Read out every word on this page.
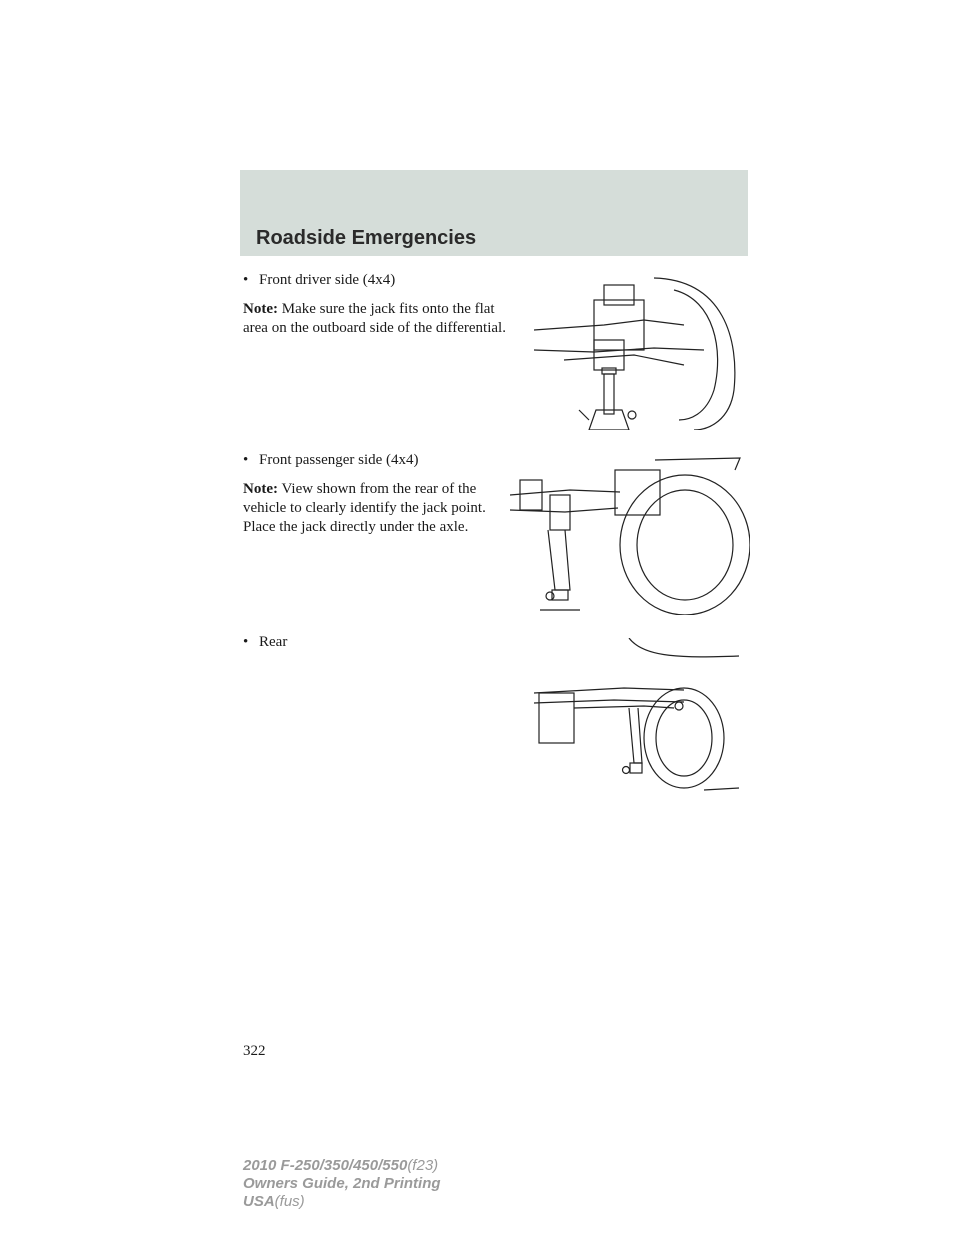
Roadside Emergencies
• Front driver side (4x4)
Note: Make sure the jack fits onto the flat area on the outboard side of the differential.
• Front passenger side (4x4)
Note: View shown from the rear of the vehicle to clearly identify the jack point. Place the jack directly under the axle.
• Rear
322
2010 F-250/350/450/550(f23)
Owners Guide, 2nd Printing
USA(fus)
